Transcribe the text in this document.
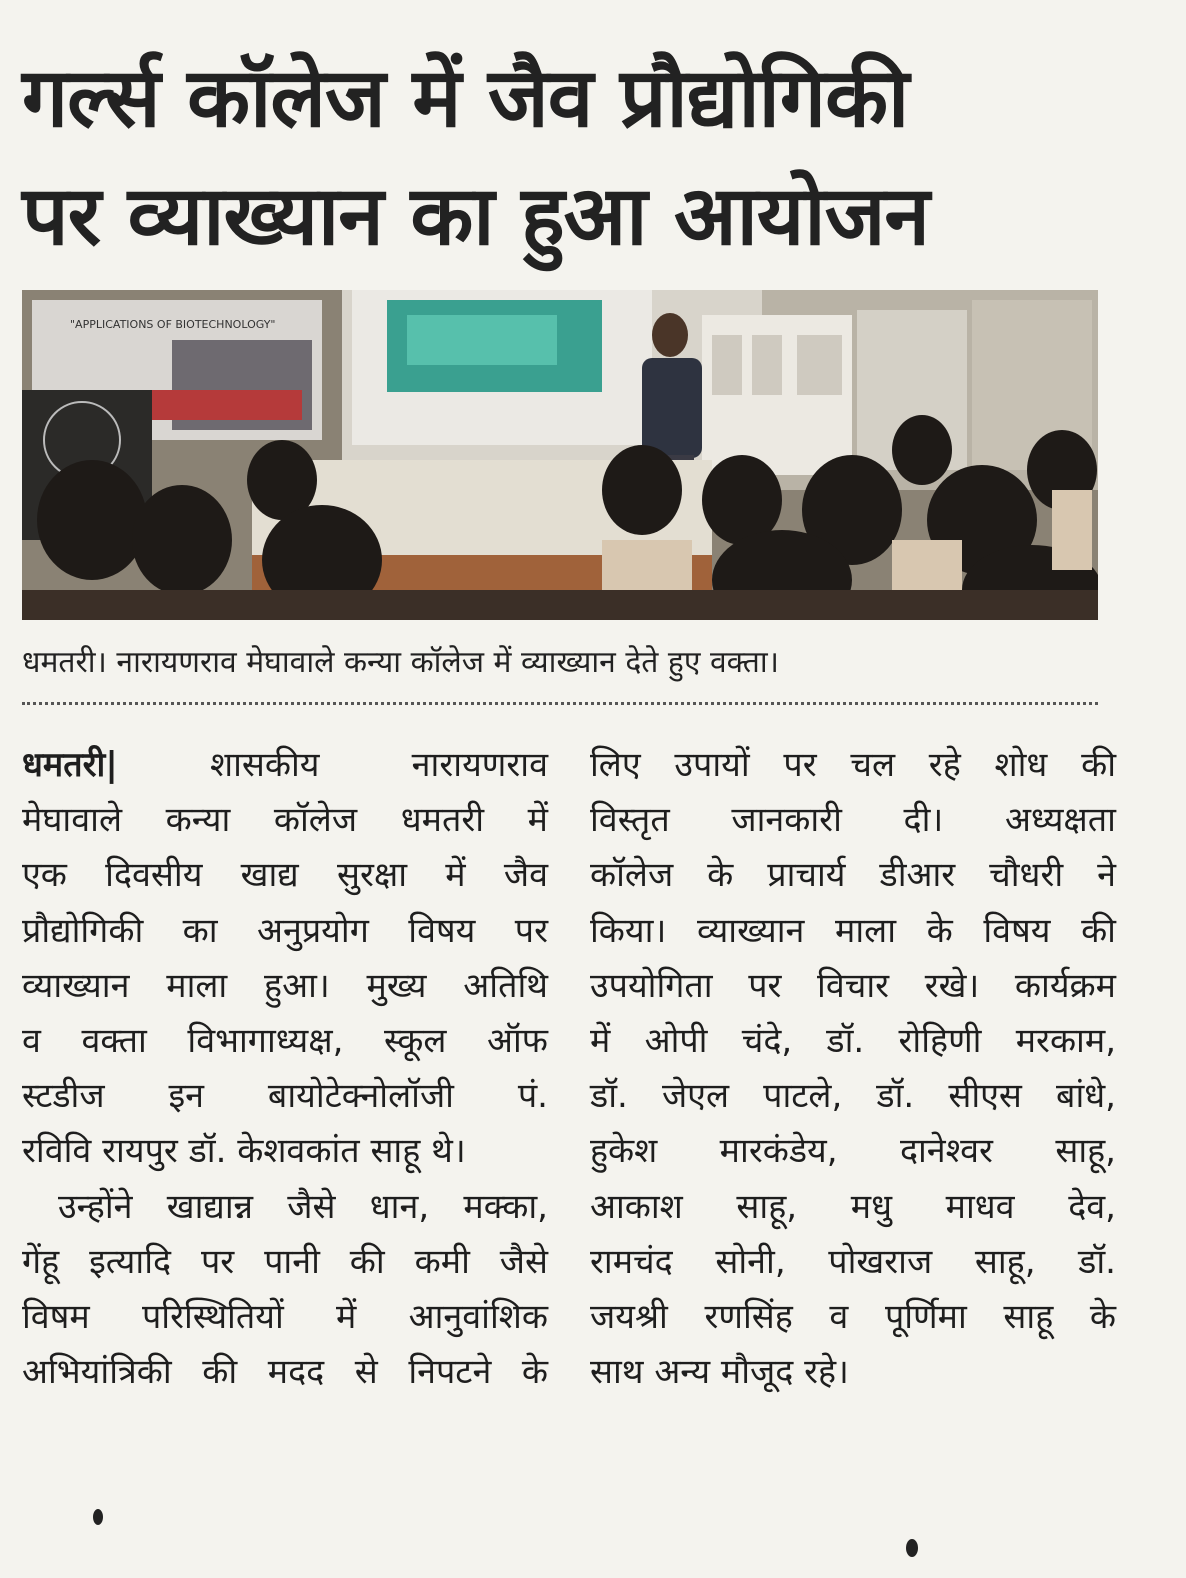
गर्ल्स कॉलेज में जैव प्रौद्योगिकी
पर व्याख्यान का हुआ आयोजन
"APPLICATIONS OF BIOTECHNOLOGY"
धमतरी। नारायणराव मेघावाले कन्या कॉलेज में व्याख्यान देते हुए वक्ता।
धमतरी|	शासकीय नारायणराव
मेघावाले कन्या कॉलेज धमतरी में
एक दिवसीय खाद्य सुरक्षा में जैव
प्रौद्योगिकी का अनुप्रयोग विषय पर
व्याख्यान माला हुआ। मुख्य अतिथि
व वक्ता विभागाध्यक्ष, स्कूल ऑफ
स्टडीज इन बायोटेक्नोलॉजी पं.
रविवि रायपुर डॉ. केशवकांत साहू थे।
उन्होंने खाद्यान्न जैसे धान, मक्का,
गेंहू इत्यादि पर पानी की कमी जैसे
विषम परिस्थितियों में आनुवांशिक
अभियांत्रिकी की मदद से निपटने के
लिए उपायों पर चल रहे शोध की
विस्तृत जानकारी दी। अध्यक्षता
कॉलेज के प्राचार्य डीआर चौधरी ने
किया। व्याख्यान माला के विषय की
उपयोगिता पर विचार रखे। कार्यक्रम
में ओपी चंदे, डॉ. रोहिणी मरकाम,
डॉ. जेएल पाटले, डॉ. सीएस बांधे,
हुकेश मारकंडेय, दानेश्वर साहू,
आकाश साहू, मधु माधव देव,
रामचंद सोनी, पोखराज साहू, डॉ.
जयश्री रणसिंह व पूर्णिमा साहू के
साथ अन्य मौजूद रहे।
